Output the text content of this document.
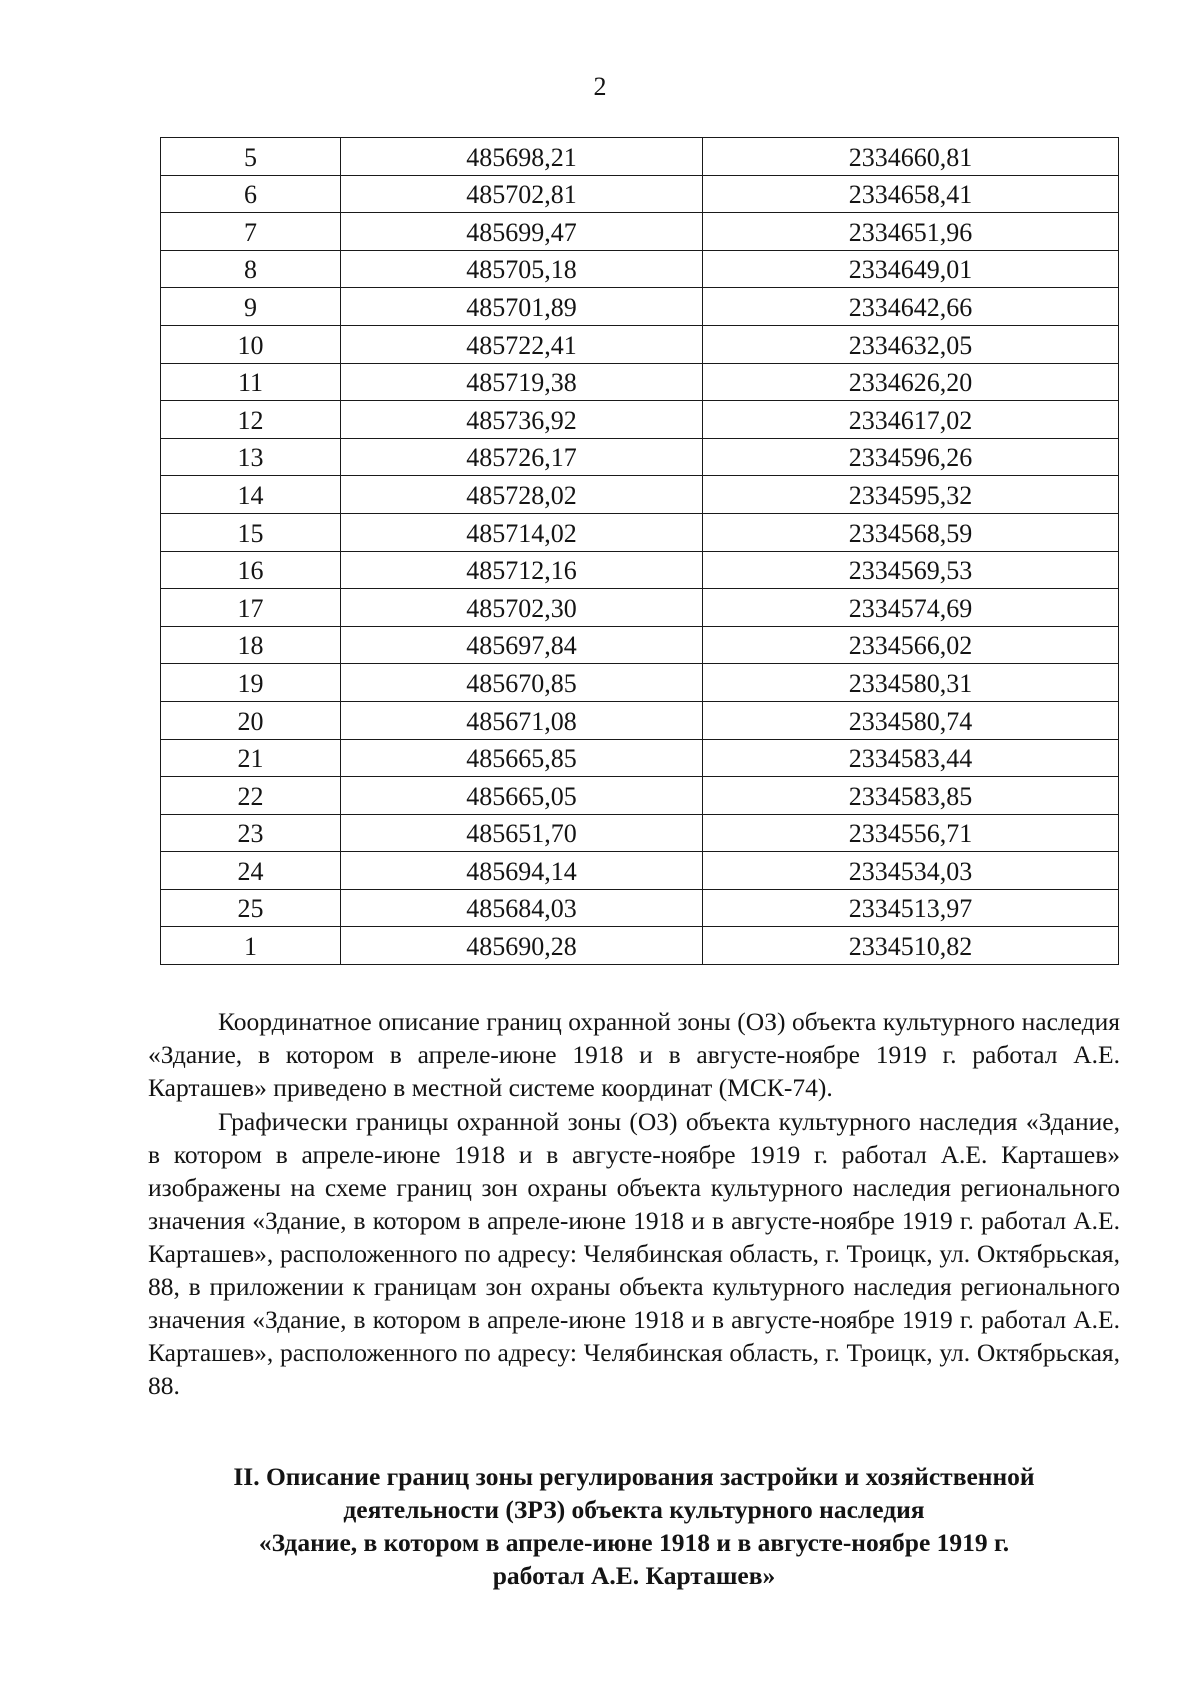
2
5	485698,21	2334660,81
6	485702,81	2334658,41
7	485699,47	2334651,96
8	485705,18	2334649,01
9	485701,89	2334642,66
10	485722,41	2334632,05
11	485719,38	2334626,20
12	485736,92	2334617,02
13	485726,17	2334596,26
14	485728,02	2334595,32
15	485714,02	2334568,59
16	485712,16	2334569,53
17	485702,30	2334574,69
18	485697,84	2334566,02
19	485670,85	2334580,31
20	485671,08	2334580,74
21	485665,85	2334583,44
22	485665,05	2334583,85
23	485651,70	2334556,71
24	485694,14	2334534,03
25	485684,03	2334513,97
1	485690,28	2334510,82

Координатное описание границ охранной зоны (ОЗ) объекта культурного наследия «Здание, в котором в апреле-июне 1918 и в августе-ноябре 1919 г. работал А.Е. Карташев» приведено в местной системе координат (МСК-74).

Графически границы охранной зоны (ОЗ) объекта культурного наследия «Здание, в котором в апреле-июне 1918 и в августе-ноябре 1919 г. работал А.Е. Карташев» изображены на схеме границ зон охраны объекта культурного наследия регионального значения «Здание, в котором в апреле-июне 1918 и в августе-ноябре 1919 г. работал А.Е. Карташев», расположенного по адресу: Челябинская область, г. Троицк, ул. Октябрьская, 88, в приложении к границам зон охраны объекта культурного наследия регионального значения «Здание, в котором в апреле-июне 1918 и в августе-ноябре 1919 г. работал А.Е. Карташев», расположенного по адресу: Челябинская область, г. Троицк, ул. Октябрьская, 88.

II. Описание границ зоны регулирования застройки и хозяйственной
деятельности (ЗРЗ) объекта культурного наследия
«Здание, в котором в апреле-июне 1918 и в августе-ноябре 1919 г.
работал А.Е. Карташев»
